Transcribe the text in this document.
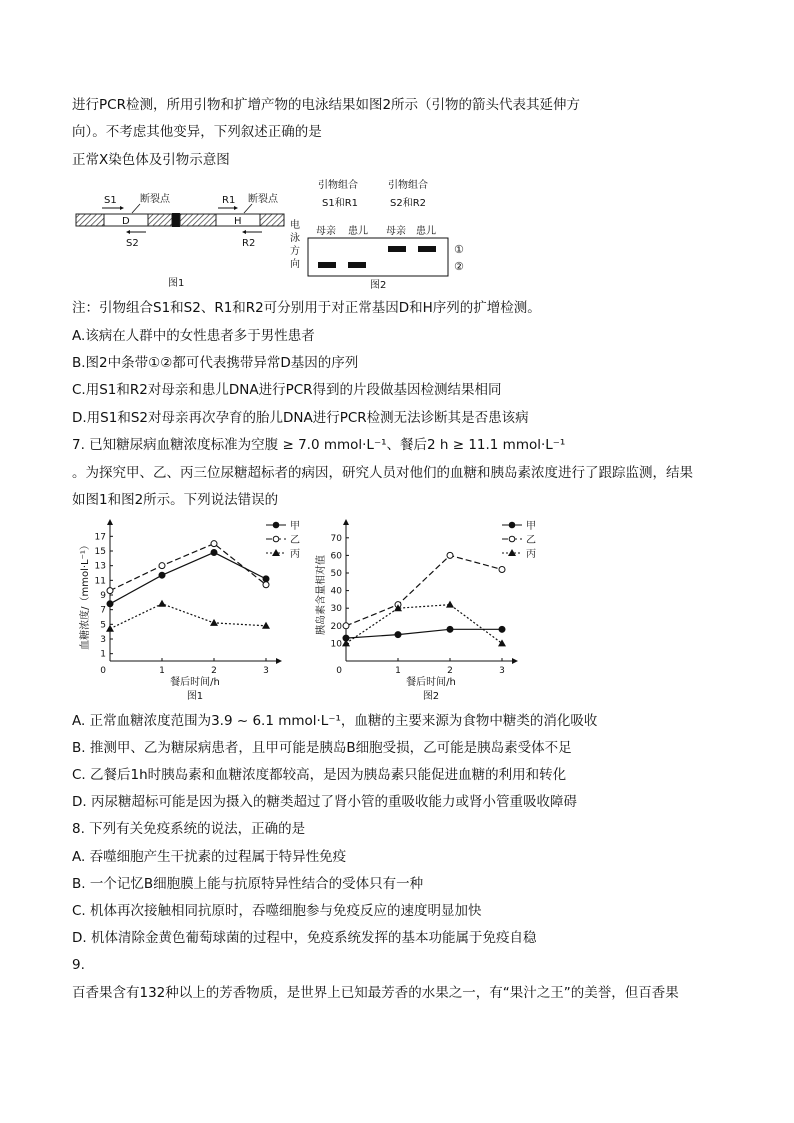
进行PCR检测，所用引物和扩增产物的电泳结果如图2所示（引物的箭头代表其延伸方
向）。不考虑其他变异，下列叙述正确的是
正常X染色体及引物示意图
D	H
S1 断裂点
S2
R1 断裂点
R2
图1
引物组合
S1和R1
引物组合
S2和R2
母亲 患儿 母亲 患儿
电
泳
方
向
①
②
图2
注：引物组合S1和S2、R1和R2可分别用于对正常基因D和H序列的扩增检测。
A.该病在人群中的女性患者多于男性患者
B.图2中条带①②都可代表携带异常D基因的序列
C.用S1和R2对母亲和患儿DNA进行PCR得到的片段做基因检测结果相同
D.用S1和S2对母亲再次孕育的胎儿DNA进行PCR检测无法诊断其是否患该病
7. 已知糖尿病血糖浓度标准为空腹 ≥ 7.0 mmol·L⁻¹、餐后2 h ≥ 11.1 mmol·L⁻¹
。为探究甲、乙、丙三位尿糖超标者的病因，研究人员对他们的血糖和胰岛素浓度进行了跟踪监测，结果
如图1和图2所示。下列说法错误的
1
3
5
7
9
11
13
15
17
0	1	2	3
餐后时间/h
图1
血糖浓度/（mmol·L⁻¹）
甲
乙
丙
10
20
30
40
50
60
70
0	1	2	3
餐后时间/h
图2
胰岛素含量相对值
甲
乙
丙
A. 正常血糖浓度范围为3.9 ~ 6.1 mmol·L⁻¹，血糖的主要来源为食物中糖类的消化吸收
B. 推测甲、乙为糖尿病患者，且甲可能是胰岛B细胞受损，乙可能是胰岛素受体不足
C. 乙餐后1h时胰岛素和血糖浓度都较高，是因为胰岛素只能促进血糖的利用和转化
D. 丙尿糖超标可能是因为摄入的糖类超过了肾小管的重吸收能力或肾小管重吸收障碍
8. 下列有关免疫系统的说法，正确的是
A. 吞噬细胞产生干扰素的过程属于特异性免疫
B. 一个记忆B细胞膜上能与抗原特异性结合的受体只有一种
C. 机体再次接触相同抗原时，吞噬细胞参与免疫反应的速度明显加快
D. 机体清除金黄色葡萄球菌的过程中，免疫系统发挥的基本功能属于免疫自稳
9.
百香果含有132种以上的芳香物质，是世界上已知最芳香的水果之一，有“果汁之王”的美誉，但百香果
